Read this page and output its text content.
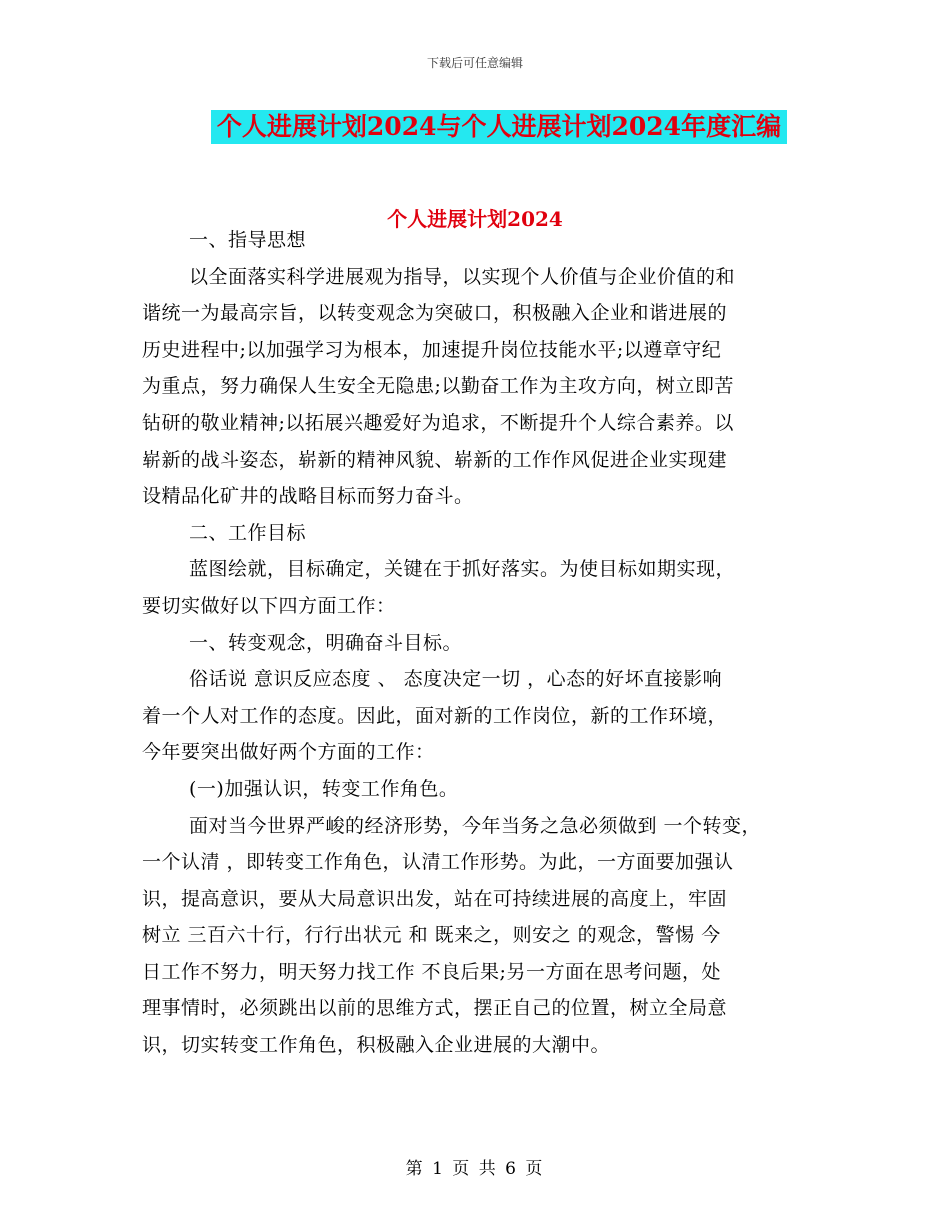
下载后可任意编辑
个人进展计划2024与个人进展计划2024年度汇编
个人进展计划2024
一、指导思想
以全面落实科学进展观为指导，以实现个人价值与企业价值的和
谐统一为最高宗旨，以转变观念为突破口，积极融入企业和谐进展的
历史进程中;以加强学习为根本，加速提升岗位技能水平;以遵章守纪
为重点，努力确保人生安全无隐患;以勤奋工作为主攻方向，树立即苦
钻研的敬业精神;以拓展兴趣爱好为追求，不断提升个人综合素养。以
崭新的战斗姿态，崭新的精神风貌、崭新的工作作风促进企业实现建
设精品化矿井的战略目标而努力奋斗。
二、工作目标
蓝图绘就，目标确定，关键在于抓好落实。为使目标如期实现，
要切实做好以下四方面工作：
一、转变观念，明确奋斗目标。
俗话说 意识反应态度 、 态度决定一切 ，心态的好坏直接影响
着一个人对工作的态度。因此，面对新的工作岗位，新的工作环境，
今年要突出做好两个方面的工作：
(一)加强认识，转变工作角色。
面对当今世界严峻的经济形势，今年当务之急必须做到 一个转变，
一个认清 ，即转变工作角色，认清工作形势。为此，一方面要加强认
识，提高意识，要从大局意识出发，站在可持续进展的高度上，牢固
树立 三百六十行，行行出状元 和 既来之，则安之 的观念，警惕 今
日工作不努力，明天努力找工作 不良后果;另一方面在思考问题，处
理事情时，必须跳出以前的思维方式，摆正自己的位置，树立全局意
识，切实转变工作角色，积极融入企业进展的大潮中。
第 1 页 共 6 页
